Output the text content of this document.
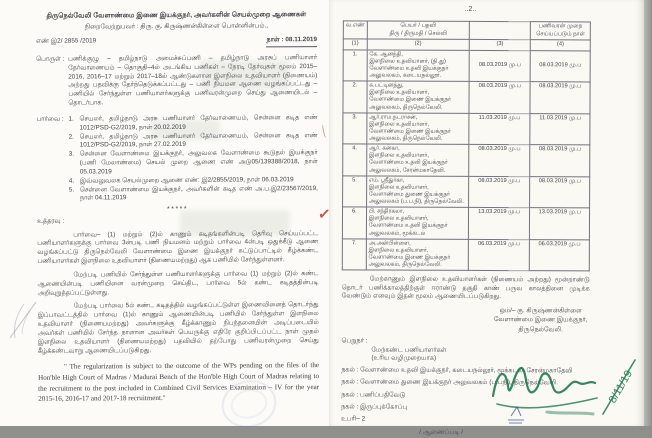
திருநெல்வேலி வேளாண்மை இணை இயக்குநர், அவர்களின் செயல்முறை ஆணைகள்
நிறைவேற்றுபவர் : திரு. கு. கிருஷ்ணன்கிள்ளை பொன்னின்பம்.,
எண் இ2/ 2855 /2019	நாள் : 08.11.2019
பொருள் : பணிக்குழு – தமிழ்நாடு அமைச்சுப்பணி – தமிழ்நாடு அரசுப் பணியாளர் தேர்வாணையம் – தொகுதி–4ல் அடங்கிய பணிகள் – நேரடி தேர்வுகள் மூலம் 2015–2016, 2016–17 மற்றும் 2017–18ல் ஆண்டுகளான இளநிலை உதவியாளர் (நிணையம்) அற்றது பதவிக்கு தேர்ந்தெடுக்கப்பட்டது – பணி நியமன ஆணை வழங்கப்பட்டது – பணியில் சேர்ந்துள்ள பணியாளர்களுக்கு பணிவரன்முறை செய்து ஆணையிடல் – தொடர்பாக.
பார்வை : 1. செயலர், தமிழ்நாடு அரசு பணியாளர் தேர்வாணையம், சென்னை கடித எண் 1012/PSD-G2/2019, நாள் 20.02.2019
2. செயலர், தமிழ்நாடு அரசு பணியாளர் தேர்வாணையம், சென்னை கடித எண் 1012/PSD-G2/2019, நாள் 27.02.2019
3. சென்னை வேளாண்மை இயக்குநர், அலுவலக வேளாண்மை கூடுதல் இயக்குநர் (பணி மேலாண்மை) செயல் முறை ஆணை எண் அடு05/139388/2018, நாள் 05.03.2019
4. இவ்வலுவலக செயல்முறை ஆணை எண்: இ2/2855/2019, நாள் 06.03.2019
5. சென்னை வேளாண்மை இயக்குநர், அவர்களின் கடித எண் அ.ப.இ2/23567/2019, நாள் 04.11.2019
*****
உத்தரவு :
பார்வை– (1) மற்றும் (2)ல் காணும் கடிதங்களின்படி தெரிவு செய்யப்பட்ட பணியாளர்களுக்கு பார்வை 3ன்படி பணி நியமனம் மற்றும் பார்வை 4ன்படி ஒதுக்கீடு ஆணை வழங்கப்பட்டு திருநெல்வேலி வேளாண்மை இணை இயக்குநர் கட்டுப்பாட்டில் கீழ்க்கண்ட பணியாளர்கள் இளநிலை உதவியாளர் (நிணையமற்றது) ஆக பணியில் சேர்ந்துள்ளனர்.
மேற்படி பணியில் சேர்ந்துள்ள பணியாளர்களுக்கு பார்வை (1) மற்றும் (2)ல் கண்ட ஆணையின்படி பணியினை வரன்முறை செய்திட, பார்வை 5ல் கண்ட கடிதத்தின்படி அறிவுறுத்தப்பட்டுள்ளது.
மேற்படி பார்வை 5ல் கண்ட கடிதத்தில் வழங்கப்பட்டுள்ள இணைவினைத் தொடர்ந்து இப்பாவட்டத்தில் பார்வை (1)ல் காணும் ஆணையின்படி பணியில் சேர்ந்துள்ள இளநிலை உதவியாளர் (நிணையமற்றது) அவர்களுக்கு கீழ்க்காணும் நிபந்தனையின் அடிப்படையில் அவர்கள் பணியில் சேர்ந்த நாளான அவர்கள் பெயருக்கு எதிரே குறிப்பிடப்பட்ட நாள் முதல் இளநிலை உதவியாளர் (நிணையமற்றது) பதவியில் தற்போது பணிவரன்முறை செய்து கீழ்க்கண்டவாறு ஆணையிடப்படுகிறது.
" The regularization is subject to the outcome of the WPs pending on the files of the Hon'ble High Court of Madras / Madurai Bench of the Hon'ble High Court of Madras relating to the recruitment to the post included in Combined Civil Services Examination – IV for the year 2015-16, 2016-17 and 2017-18 recruitment."
..2..
வ.எண்	பெயர் / பதவி
திரு / திருமதி / செல்வி		பணிவரன் முறை
செய்யப்படும் நாள்
(1)	(2)	(3)	(4)
1.	கே. ஆனந்தி,
இளநிலை உதவியாளர், (நி.து)
வேளாண்மை உதவி இயக்குநர்
அலுவலகம், கடையநல்லூர்.	08.03.2019 மு.ப	08.03.2019 மு.ப
2.	சு.பட்டினத்து,
இளநிலை உதவியாளர்,
வேளாண்மை இணை இயக்குநர்
அலுவலகம், திருநெல்வேலி.	08.03.2019 மு.ப	08.03.2019 மு.ப
3.	ஆர்.ராம.நடராசன்,
இளநிலை உதவியாளர்,
வேளாண்மை இணை இயக்குநர்
அலுவலகம், திருநெல்வேலி.	11.03.2019 மு.ப	11.03.2019 மு.ப
4.	ஆர். கனகா,
இளநிலை உதவியாளர்,
வேளாண்மை உதவி இயக்குநர்
அலுவலகம், சேரன்மகாதேவி.	08.03.2019 மு.ப	08.03.2019 மு.ப
5.	எம். ஸ்ரீதுர்கா,
இளநிலை உதவியாளர்,
வேளாண்மை துணை இயக்குநர்
அலுவலகம் (ப.ப.நி), திருநெல்வேலி.	08.03.2019 மு.ப	08.03.2019 மு.ப
6.	பி. சந்திரகலா,
இளநிலை உதவியாளர்,
வேளாண்மை உதவி இயக்குநர்
அலுவலகம், மூக்கடல்	13.03.2019 மு.ப	13.03.2019 மு.ப
7.	அ.அன்பிள்ளை,
இளநிலை உதவியாளர்,
வேளாண்மை இணை இயக்குநர்
அலுவலகம், திருநெல்வேலி.	06.03.2019 மு.ப	06.03.2019 மு.ப
மேற்காணும் இளநிலை உதவியாளர்கள் (நிணையம் அற்றது) மூன்றாண்டு தொடர் பணிக்காலத்திற்குள் ஈராண்டு தகுதி காண் பருவ காலத்தினை முடிக்க வேண்டும் எனவும் இதன் மூலம் ஆணையிடப்படுகிறது.
ஒம்/– கு. கிருஷ்ணன்கிள்ளை
வேளாண்மை இணை இயக்குநர்,
திருநெல்வேலி.
பெறுநர் :
மேற்கண்ட பணியாளர்கள்
(உரிய வழிமுறையாக)
நகல் : வேளாண்மை உதவி இயக்குநர், கடையநல்லூர், மூக்கடல், சேரன்மகாதேவி
நகல் : வேளாண்மை துணை இயக்குநர் அலுவலகம் (ப.பநி), திருநெல்வேலி.
நகல் : பணிப்பதிவேடு
நகல் : இருப்புக்கோப்பு
உபரி– 2
/ ஆணைப்படி /
8/11/19
✓
